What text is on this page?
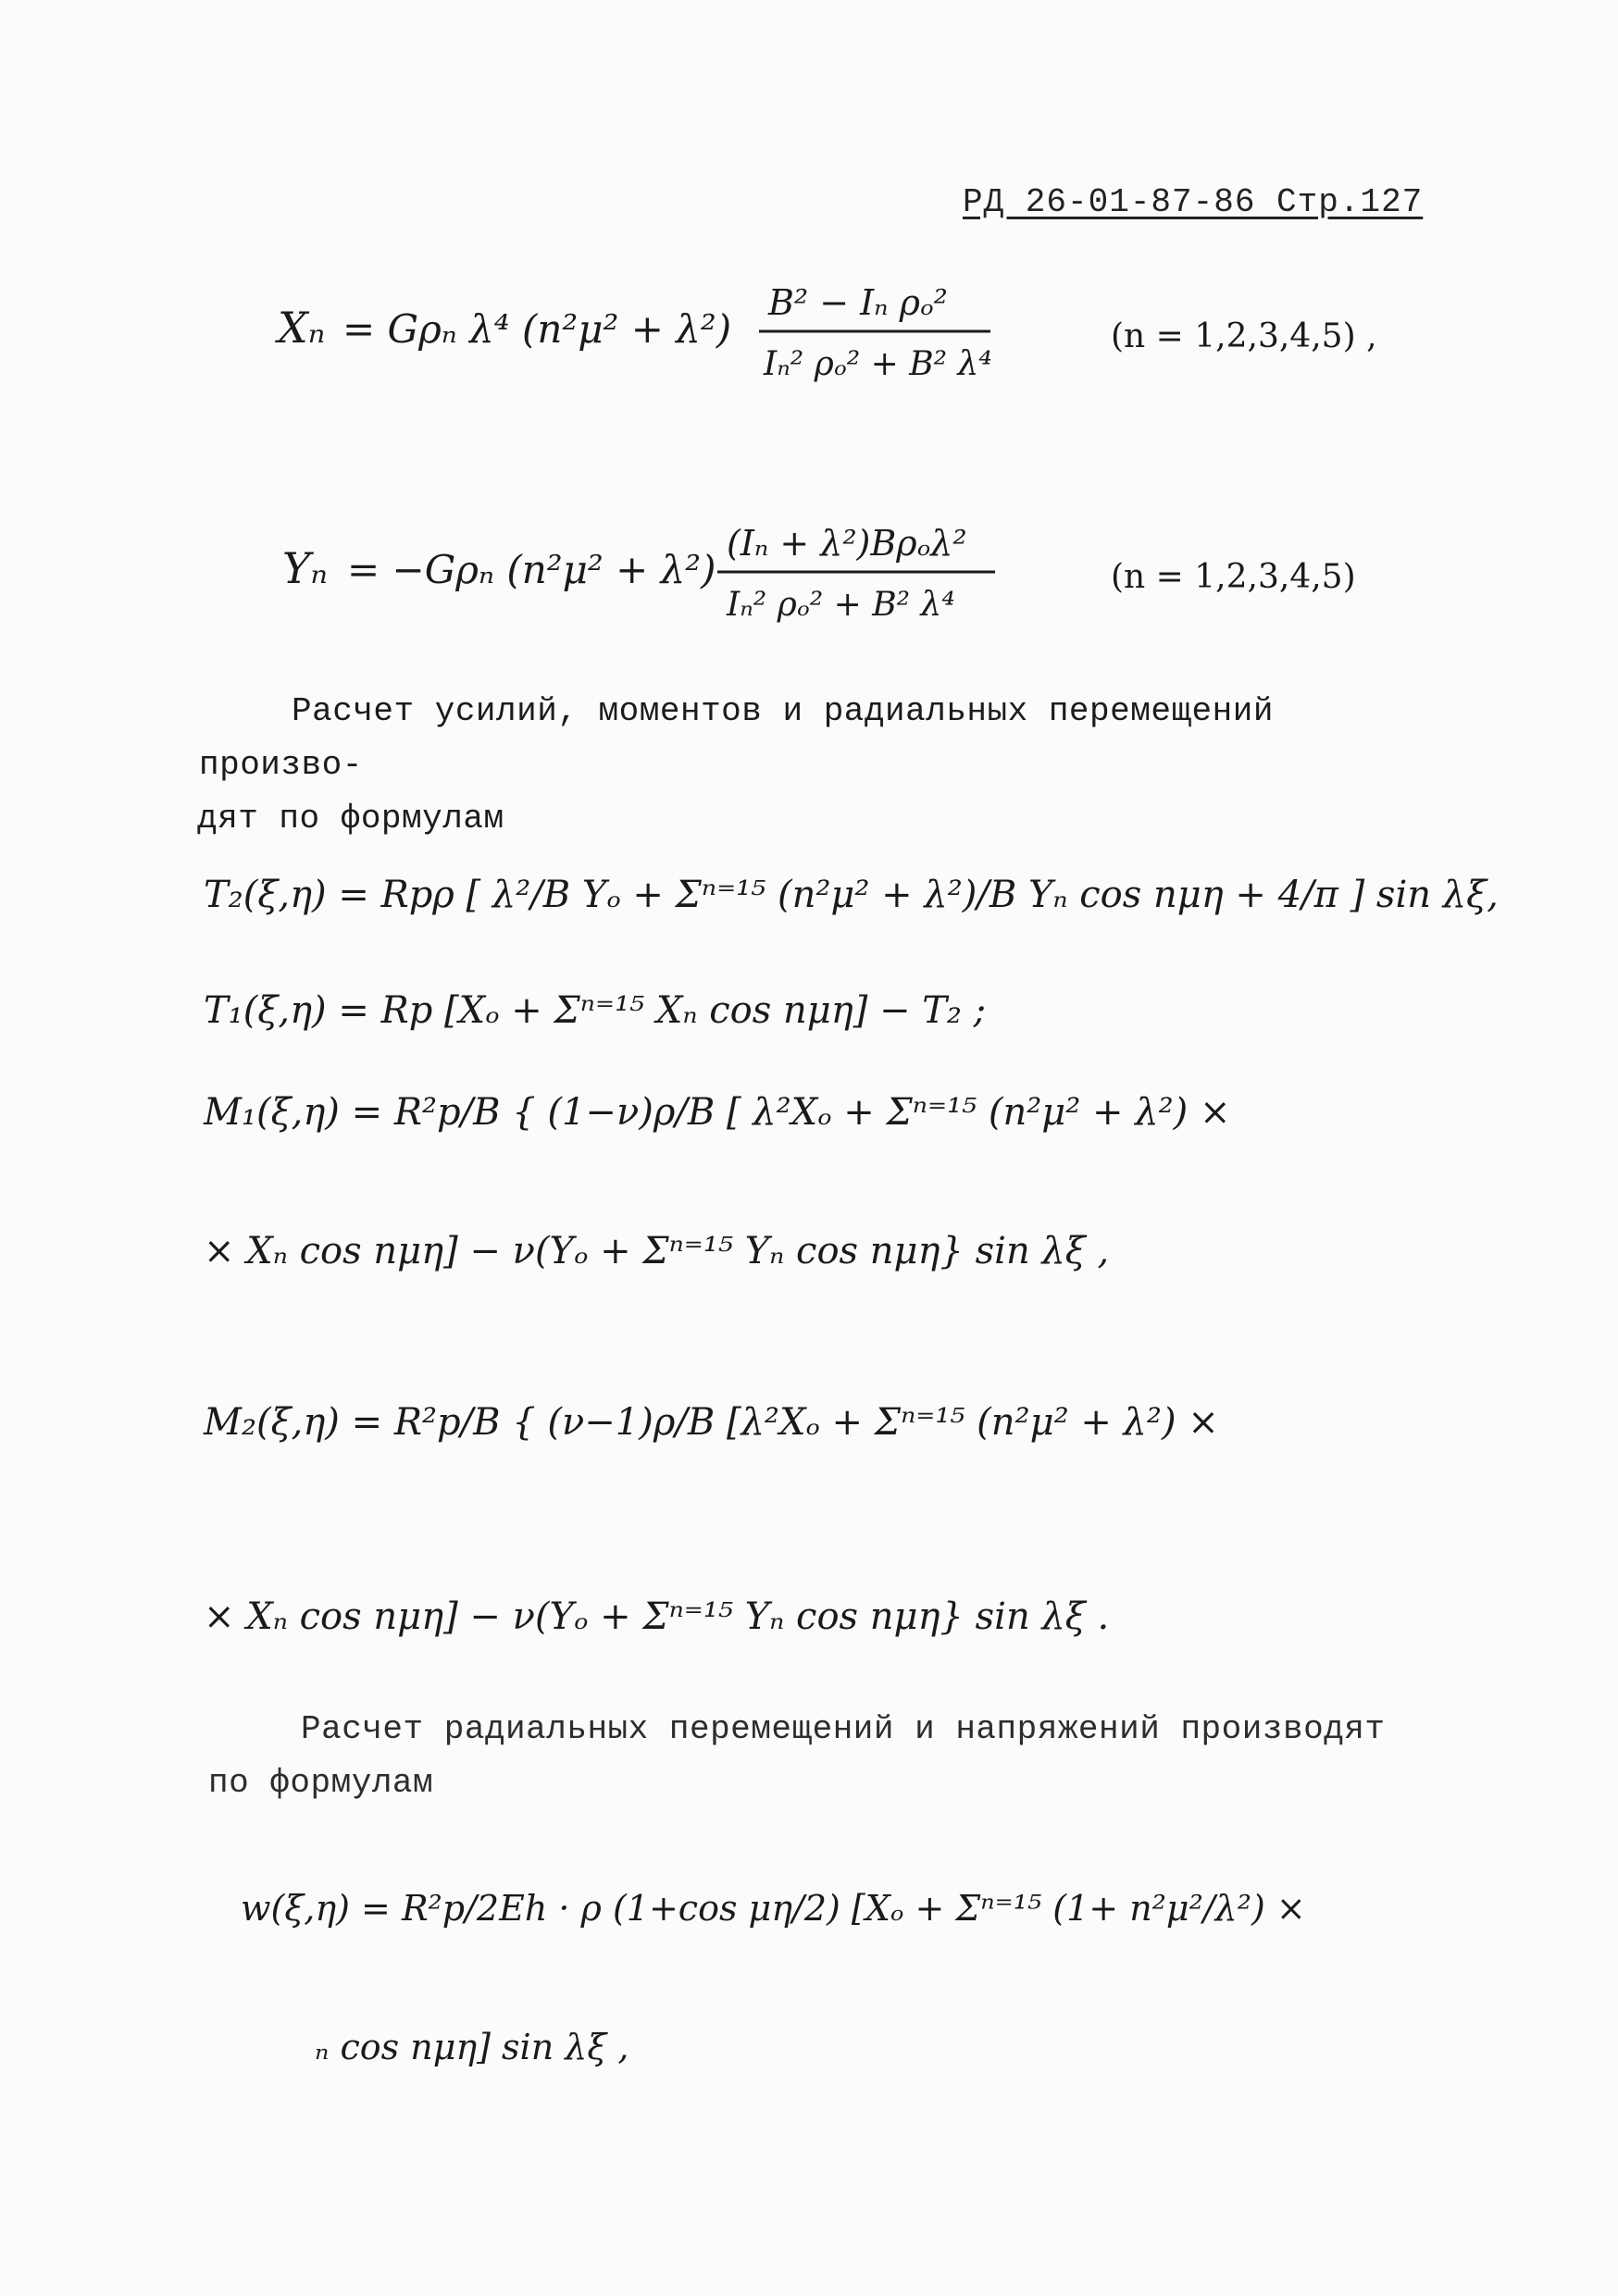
РД 26-01-87-86 Стр.127
Xₙ = Gρₙ λ⁴ (n²μ² + λ²)
B² − Iₙ ρₒ²
Iₙ² ρₒ² + B² λ⁴
(n = 1,2,3,4,5) ,
Yₙ = −Gρₙ (n²μ² + λ²)
(Iₙ + λ²)Bρₒλ²
Iₙ² ρₒ² + B² λ⁴
(n = 1,2,3,4,5)
Расчет усилий, моментов и радиальных перемещений произво-
дят по формулам
T₂(ξ,η) = Rpρ [ λ²/B Yₒ + Σⁿ⁼¹⁵ (n²μ² + λ²)/B Yₙ cos nμη + 4/π ] sin λξ,
T₁(ξ,η) = Rp [Xₒ + Σⁿ⁼¹⁵ Xₙ cos nμη] − T₂ ;
M₁(ξ,η) = R²p/B { (1−ν)ρ/B [ λ²Xₒ + Σⁿ⁼¹⁵ (n²μ² + λ²) ×
× Xₙ cos nμη] − ν(Yₒ + Σⁿ⁼¹⁵ Yₙ cos nμη} sin λξ ,
M₂(ξ,η) = R²p/B { (ν−1)ρ/B [λ²Xₒ + Σⁿ⁼¹⁵ (n²μ² + λ²) ×
× Xₙ cos nμη] − ν(Yₒ + Σⁿ⁼¹⁵ Yₙ cos nμη} sin λξ .
Расчет радиальных перемещений и напряжений производят
по формулам
w(ξ,η) = R²p/2Eh · ρ (1+cos μη/2) [Xₒ + Σⁿ⁼¹⁵ (1+ n²μ²/λ²) ×
ₙ cos nμη] sin λξ ,
